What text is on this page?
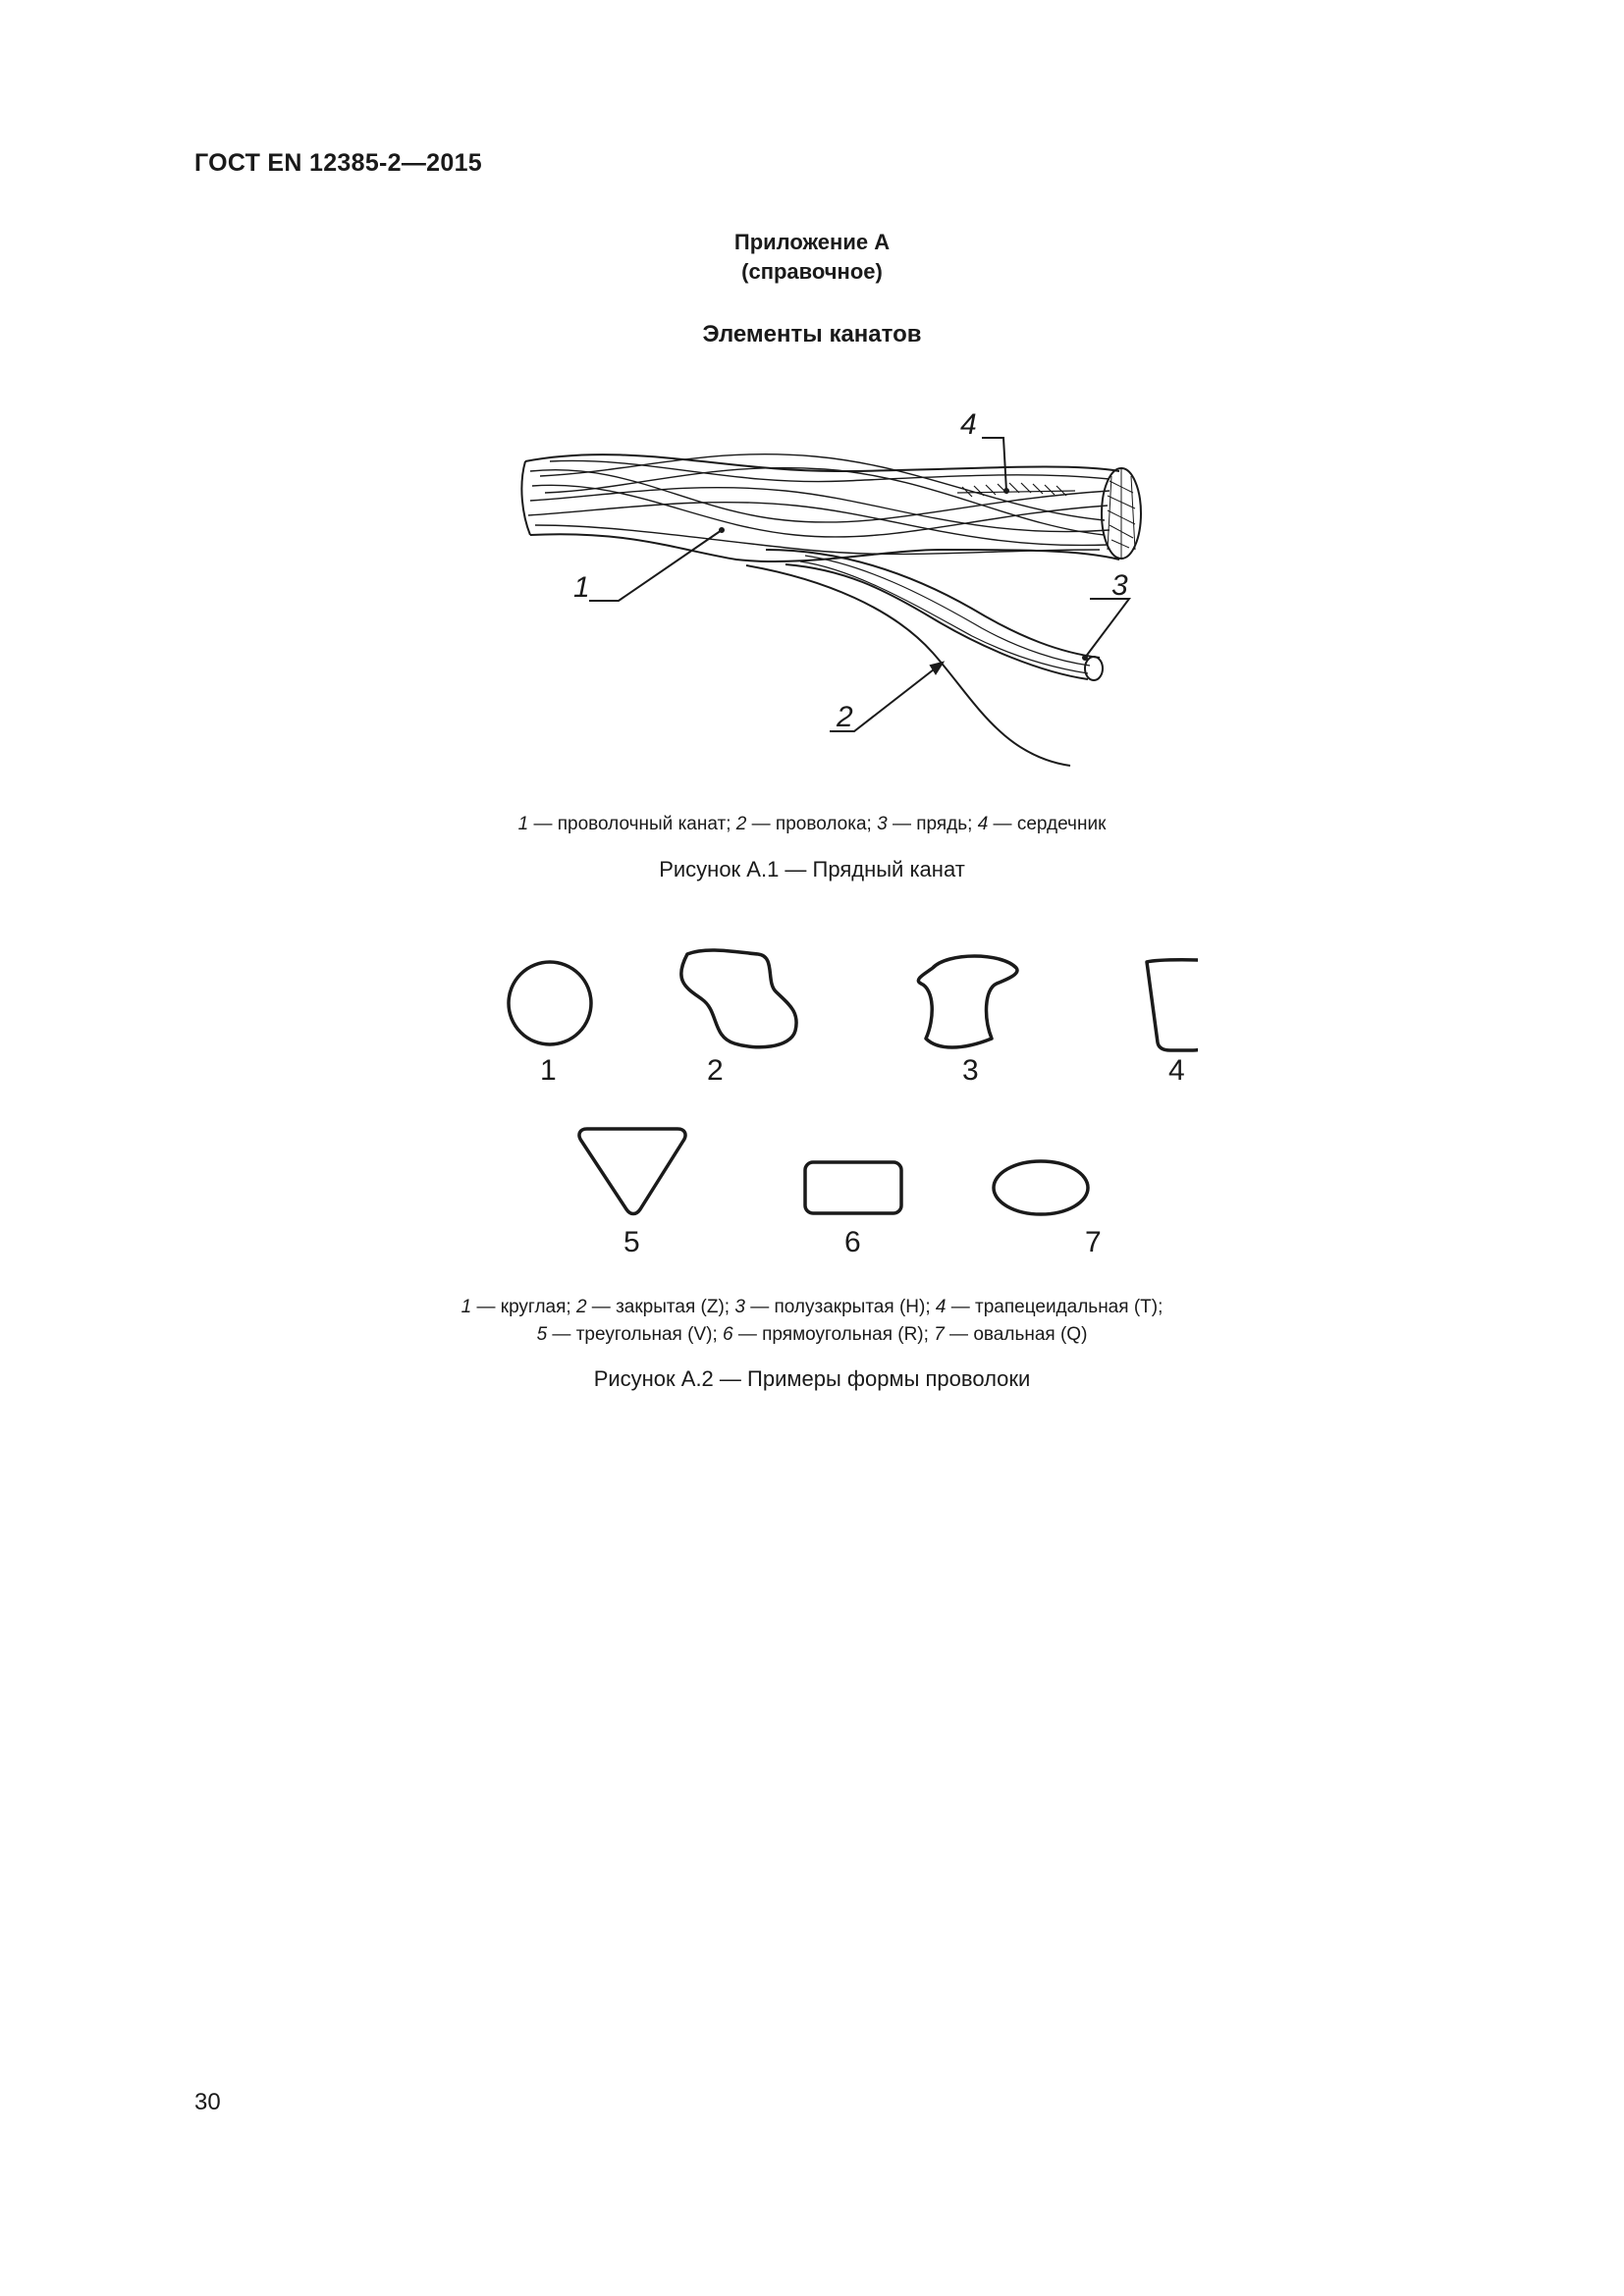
ГОСТ EN 12385-2—2015
Приложение А
(справочное)
Элементы канатов
1
2
3
4
1 — проволочный канат; 2 — проволока; 3 — прядь; 4 — сердечник
Рисунок А.1 — Прядный канат
1	2	3	4
5	6	7
1 — круглая; 2 — закрытая (Z); 3 — полузакрытая (H); 4 — трапецеидальная (T);
5 — треугольная (V); 6 — прямоугольная (R); 7 — овальная (Q)
Рисунок А.2 — Примеры формы проволоки
30
